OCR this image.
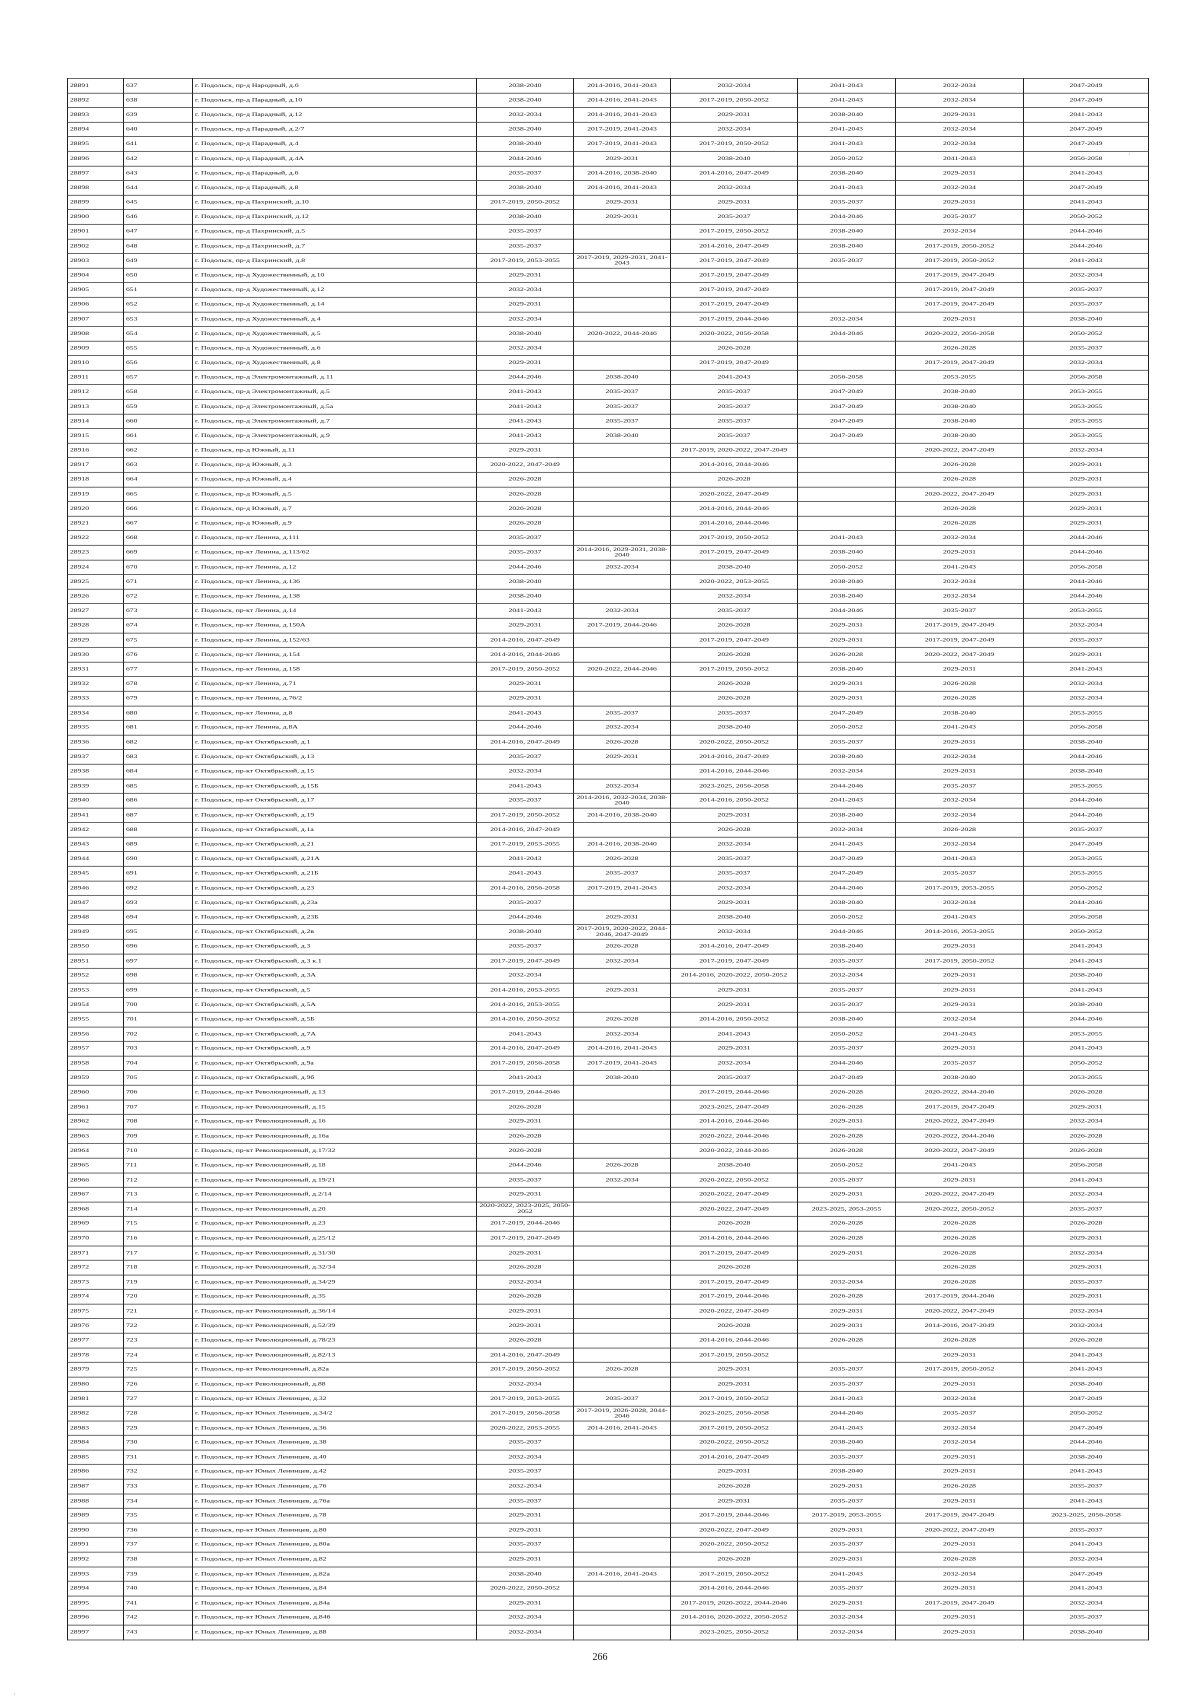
28891	637	г. Подольск, пр-д Народный, д.6	2038-2040	2014-2016, 2041-2043	2032-2034	2041-2043	2032-2034	2047-2049
28892	638	г. Подольск, пр-д Парадный, д.10	2038-2040	2014-2016, 2041-2043	2017-2019, 2050-2052	2041-2043	2032-2034	2047-2049
28893	639	г. Подольск, пр-д Парадный, д.12	2032-2034	2014-2016, 2041-2043	2029-2031	2038-2040	2029-2031	2041-2043
28894	640	г. Подольск, пр-д Парадный, д.2/7	2038-2040	2017-2019, 2041-2043	2032-2034	2041-2043	2032-2034	2047-2049
28895	641	г. Подольск, пр-д Парадный, д.4	2038-2040	2017-2019, 2041-2043	2017-2019, 2050-2052	2041-2043	2032-2034	2047-2049
28896	642	г. Подольск, пр-д Парадный, д.4А	2044-2046	2029-2031	2038-2040	2050-2052	2041-2043	2056-2058
28897	643	г. Подольск, пр-д Парадный, д.6	2035-2037	2014-2016, 2038-2040	2014-2016, 2047-2049	2038-2040	2029-2031	2041-2043
28898	644	г. Подольск, пр-д Парадный, д.8	2038-2040	2014-2016, 2041-2043	2032-2034	2041-2043	2032-2034	2047-2049
28899	645	г. Подольск, пр-д Пахринский, д.10	2017-2019, 2050-2052	2029-2031	2029-2031	2035-2037	2029-2031	2041-2043
28900	646	г. Подольск, пр-д Пахринский, д.12	2038-2040	2029-2031	2035-2037	2044-2046	2035-2037	2050-2052
28901	647	г. Подольск, пр-д Пахринский, д.5	2035-2037		2017-2019, 2050-2052	2038-2040	2032-2034	2044-2046
28902	648	г. Подольск, пр-д Пахринский, д.7	2035-2037		2014-2016, 2047-2049	2038-2040	2017-2019, 2050-2052	2044-2046
28903	649	г. Подольск, пр-д Пахринский, д.8	2017-2019, 2053-2055	2017-2019, 2029-2031, 2041-2043	2017-2019, 2047-2049	2035-2037	2017-2019, 2050-2052	2041-2043
28904	650	г. Подольск, пр-д Художественный, д.10	2029-2031		2017-2019, 2047-2049		2017-2019, 2047-2049	2032-2034
28905	651	г. Подольск, пр-д Художественный, д.12	2032-2034		2017-2019, 2047-2049		2017-2019, 2047-2049	2035-2037
28906	652	г. Подольск, пр-д Художественный, д.14	2029-2031		2017-2019, 2047-2049		2017-2019, 2047-2049	2035-2037
28907	653	г. Подольск, пр-д Художественный, д.4	2032-2034		2017-2019, 2044-2046	2032-2034	2029-2031	2038-2040
28908	654	г. Подольск, пр-д Художественный, д.5	2038-2040	2020-2022, 2044-2046	2020-2022, 2056-2058	2044-2046	2020-2022, 2056-2058	2050-2052
28909	655	г. Подольск, пр-д Художественный, д.6	2032-2034		2026-2028		2026-2028	2035-2037
28910	656	г. Подольск, пр-д Художественный, д.8	2029-2031		2017-2019, 2047-2049		2017-2019, 2047-2049	2032-2034
28911	657	г. Подольск, пр-д Электромонтажный, д.11	2044-2046	2038-2040	2041-2043	2056-2058	2053-2055	2056-2058
28912	658	г. Подольск, пр-д Электромонтажный, д.5	2041-2043	2035-2037	2035-2037	2047-2049	2038-2040	2053-2055
28913	659	г. Подольск, пр-д Электромонтажный, д.5а	2041-2043	2035-2037	2035-2037	2047-2049	2038-2040	2053-2055
28914	660	г. Подольск, пр-д Электромонтажный, д.7	2041-2043	2035-2037	2035-2037	2047-2049	2038-2040	2053-2055
28915	661	г. Подольск, пр-д Электромонтажный, д.9	2041-2043	2038-2040	2035-2037	2047-2049	2038-2040	2053-2055
28916	662	г. Подольск, пр-д Южный, д.11	2029-2031		2017-2019, 2020-2022, 2047-2049		2020-2022, 2047-2049	2032-2034
28917	663	г. Подольск, пр-д Южный, д.3	2020-2022, 2047-2049		2014-2016, 2044-2046		2026-2028	2029-2031
28918	664	г. Подольск, пр-д Южный, д.4	2026-2028		2026-2028		2026-2028	2029-2031
28919	665	г. Подольск, пр-д Южный, д.5	2026-2028		2020-2022, 2047-2049		2020-2022, 2047-2049	2029-2031
28920	666	г. Подольск, пр-д Южный, д.7	2026-2028		2014-2016, 2044-2046		2026-2028	2029-2031
28921	667	г. Подольск, пр-д Южный, д.9	2026-2028		2014-2016, 2044-2046		2026-2028	2029-2031
28922	668	г. Подольск, пр-кт Ленина, д.111	2035-2037		2017-2019, 2050-2052	2041-2043	2032-2034	2044-2046
28923	669	г. Подольск, пр-кт Ленина, д.113/62	2035-2037	2014-2016, 2029-2031, 2038-2040	2017-2019, 2047-2049	2038-2040	2029-2031	2044-2046
28924	670	г. Подольск, пр-кт Ленина, д.12	2044-2046	2032-2034	2038-2040	2050-2052	2041-2043	2056-2058
28925	671	г. Подольск, пр-кт Ленина, д.136	2038-2040		2020-2022, 2053-2055	2038-2040	2032-2034	2044-2046
28926	672	г. Подольск, пр-кт Ленина, д.138	2038-2040		2032-2034	2038-2040	2032-2034	2044-2046
28927	673	г. Подольск, пр-кт Ленина, д.14	2041-2043	2032-2034	2035-2037	2044-2046	2035-2037	2053-2055
28928	674	г. Подольск, пр-кт Ленина, д.150А	2029-2031	2017-2019, 2044-2046	2026-2028	2029-2031	2017-2019, 2047-2049	2032-2034
28929	675	г. Подольск, пр-кт Ленина, д.152/63	2014-2016, 2047-2049		2017-2019, 2047-2049	2029-2031	2017-2019, 2047-2049	2035-2037
28930	676	г. Подольск, пр-кт Ленина, д.154	2014-2016, 2044-2046		2026-2028	2026-2028	2020-2022, 2047-2049	2029-2031
28931	677	г. Подольск, пр-кт Ленина, д.158	2017-2019, 2050-2052	2020-2022, 2044-2046	2017-2019, 2050-2052	2038-2040	2029-2031	2041-2043
28932	678	г. Подольск, пр-кт Ленина, д.71	2029-2031		2026-2028	2029-2031	2026-2028	2032-2034
28933	679	г. Подольск, пр-кт Ленина, д.76/2	2029-2031		2026-2028	2029-2031	2026-2028	2032-2034
28934	680	г. Подольск, пр-кт Ленина, д.8	2041-2043	2035-2037	2035-2037	2047-2049	2038-2040	2053-2055
28935	681	г. Подольск, пр-кт Ленина, д.8А	2044-2046	2032-2034	2038-2040	2050-2052	2041-2043	2056-2058
28936	682	г. Подольск, пр-кт Октябрьский, д.1	2014-2016, 2047-2049	2026-2028	2020-2022, 2050-2052	2035-2037	2029-2031	2038-2040
28937	683	г. Подольск, пр-кт Октябрьский, д.13	2035-2037	2029-2031	2014-2016, 2047-2049	2038-2040	2032-2034	2044-2046
28938	684	г. Подольск, пр-кт Октябрьский, д.15	2032-2034		2014-2016, 2044-2046	2032-2034	2029-2031	2038-2040
28939	685	г. Подольск, пр-кт Октябрьский, д.15Б	2041-2043	2032-2034	2023-2025, 2056-2058	2044-2046	2035-2037	2053-2055
28940	686	г. Подольск, пр-кт Октябрьский, д.17	2035-2037	2014-2016, 2032-2034, 2038-2040	2014-2016, 2050-2052	2041-2043	2032-2034	2044-2046
28941	687	г. Подольск, пр-кт Октябрьский, д.19	2017-2019, 2050-2052	2014-2016, 2038-2040	2029-2031	2038-2040	2032-2034	2044-2046
28942	688	г. Подольск, пр-кт Октябрьский, д.1а	2014-2016, 2047-2049		2026-2028	2032-2034	2026-2028	2035-2037
28943	689	г. Подольск, пр-кт Октябрьский, д.21	2017-2019, 2053-2055	2014-2016, 2038-2040	2032-2034	2041-2043	2032-2034	2047-2049
28944	690	г. Подольск, пр-кт Октябрьский, д.21А	2041-2043	2026-2028	2035-2037	2047-2049	2041-2043	2053-2055
28945	691	г. Подольск, пр-кт Октябрьский, д.21Б	2041-2043	2035-2037	2035-2037	2047-2049	2035-2037	2053-2055
28946	692	г. Подольск, пр-кт Октябрьский, д.23	2014-2016, 2056-2058	2017-2019, 2041-2043	2032-2034	2044-2046	2017-2019, 2053-2055	2050-2052
28947	693	г. Подольск, пр-кт Октябрьский, д.23а	2035-2037		2029-2031	2038-2040	2032-2034	2044-2046
28948	694	г. Подольск, пр-кт Октябрьский, д.23Б	2044-2046	2029-2031	2038-2040	2050-2052	2041-2043	2056-2058
28949	695	г. Подольск, пр-кт Октябрьский, д.2в	2038-2040	2017-2019, 2020-2022, 2044-2046, 2047-2049	2032-2034	2044-2046	2014-2016, 2053-2055	2050-2052
28950	696	г. Подольск, пр-кт Октябрьский, д.3	2035-2037	2026-2028	2014-2016, 2047-2049	2038-2040	2029-2031	2041-2043
28951	697	г. Подольск, пр-кт Октябрьский, д.3 к.1	2017-2019, 2047-2049	2032-2034	2017-2019, 2047-2049	2035-2037	2017-2019, 2050-2052	2041-2043
28952	698	г. Подольск, пр-кт Октябрьский, д.3А	2032-2034		2014-2016, 2020-2022, 2050-2052	2032-2034	2029-2031	2038-2040
28953	699	г. Подольск, пр-кт Октябрьский, д.5	2014-2016, 2053-2055	2029-2031	2029-2031	2035-2037	2029-2031	2041-2043
28954	700	г. Подольск, пр-кт Октябрьский, д.5А	2014-2016, 2053-2055		2029-2031	2035-2037	2029-2031	2038-2040
28955	701	г. Подольск, пр-кт Октябрьский, д.5Б	2014-2016, 2050-2052	2026-2028	2014-2016, 2050-2052	2038-2040	2032-2034	2044-2046
28956	702	г. Подольск, пр-кт Октябрьский, д.7А	2041-2043	2032-2034	2041-2043	2050-2052	2041-2043	2053-2055
28957	703	г. Подольск, пр-кт Октябрьский, д.9	2014-2016, 2047-2049	2014-2016, 2041-2043	2029-2031	2035-2037	2029-2031	2041-2043
28958	704	г. Подольск, пр-кт Октябрьский, д.9а	2017-2019, 2056-2058	2017-2019, 2041-2043	2032-2034	2044-2046	2035-2037	2050-2052
28959	705	г. Подольск, пр-кт Октябрьский, д.9б	2041-2043	2038-2040	2035-2037	2047-2049	2038-2040	2053-2055
28960	706	г. Подольск, пр-кт Революционный, д.13	2017-2019, 2044-2046		2017-2019, 2044-2046	2026-2028	2020-2022, 2044-2046	2026-2028
28961	707	г. Подольск, пр-кт Революционный, д.15	2026-2028		2023-2025, 2047-2049	2026-2028	2017-2019, 2047-2049	2029-2031
28962	708	г. Подольск, пр-кт Революционный, д.16	2029-2031		2014-2016, 2044-2046	2029-2031	2020-2022, 2047-2049	2032-2034
28963	709	г. Подольск, пр-кт Революционный, д.16а	2026-2028		2020-2022, 2044-2046	2026-2028	2020-2022, 2044-2046	2026-2028
28964	710	г. Подольск, пр-кт Революционный, д.17/32	2026-2028		2020-2022, 2044-2046	2026-2028	2020-2022, 2047-2049	2026-2028
28965	711	г. Подольск, пр-кт Революционный, д.18	2044-2046	2026-2028	2038-2040	2050-2052	2041-2043	2056-2058
28966	712	г. Подольск, пр-кт Революционный, д.19/21	2035-2037	2032-2034	2020-2022, 2050-2052	2035-2037	2029-2031	2041-2043
28967	713	г. Подольск, пр-кт Революционный, д.2/14	2029-2031		2020-2022, 2047-2049	2029-2031	2020-2022, 2047-2049	2032-2034
28968	714	г. Подольск, пр-кт Революционный, д.20	2020-2022, 2023-2025, 2050-2052		2020-2022, 2047-2049	2023-2025, 2053-2055	2020-2022, 2050-2052	2035-2037
28969	715	г. Подольск, пр-кт Революционный, д.23	2017-2019, 2044-2046		2026-2028	2026-2028	2026-2028	2026-2028
28970	716	г. Подольск, пр-кт Революционный, д.25/12	2017-2019, 2047-2049		2014-2016, 2044-2046	2026-2028	2026-2028	2029-2031
28971	717	г. Подольск, пр-кт Революционный, д.31/30	2029-2031		2017-2019, 2047-2049	2029-2031	2026-2028	2032-2034
28972	718	г. Подольск, пр-кт Революционный, д.32/34	2026-2028		2026-2028		2026-2028	2029-2031
28973	719	г. Подольск, пр-кт Революционный, д.34/29	2032-2034		2017-2019, 2047-2049	2032-2034	2026-2028	2035-2037
28974	720	г. Подольск, пр-кт Революционный, д.35	2026-2028		2017-2019, 2044-2046	2026-2028	2017-2019, 2044-2046	2029-2031
28975	721	г. Подольск, пр-кт Революционный, д.36/14	2029-2031		2020-2022, 2047-2049	2029-2031	2020-2022, 2047-2049	2032-2034
28976	722	г. Подольск, пр-кт Революционный, д.52/39	2029-2031		2026-2028	2029-2031	2014-2016, 2047-2049	2032-2034
28977	723	г. Подольск, пр-кт Революционный, д.78/23	2026-2028		2014-2016, 2044-2046	2026-2028	2026-2028	2026-2028
28978	724	г. Подольск, пр-кт Революционный, д.82/13	2014-2016, 2047-2049		2017-2019, 2050-2052		2029-2031	2041-2043
28979	725	г. Подольск, пр-кт Революционный, д.82а	2017-2019, 2050-2052	2026-2028	2029-2031	2035-2037	2017-2019, 2050-2052	2041-2043
28980	726	г. Подольск, пр-кт Революционный, д.88	2032-2034		2029-2031	2035-2037	2029-2031	2038-2040
28981	727	г. Подольск, пр-кт Юных Ленинцев, д.32	2017-2019, 2053-2055	2035-2037	2017-2019, 2050-2052	2041-2043	2032-2034	2047-2049
28982	728	г. Подольск, пр-кт Юных Ленинцев, д.34/2	2017-2019, 2056-2058	2017-2019, 2026-2028, 2044-2046	2023-2025, 2056-2058	2044-2046	2035-2037	2050-2052
28983	729	г. Подольск, пр-кт Юных Ленинцев, д.36	2020-2022, 2053-2055	2014-2016, 2041-2043	2017-2019, 2050-2052	2041-2043	2032-2034	2047-2049
28984	730	г. Подольск, пр-кт Юных Ленинцев, д.38	2035-2037		2020-2022, 2050-2052	2038-2040	2032-2034	2044-2046
28985	731	г. Подольск, пр-кт Юных Ленинцев, д.40	2032-2034		2014-2016, 2047-2049	2035-2037	2029-2031	2038-2040
28986	732	г. Подольск, пр-кт Юных Ленинцев, д.42	2035-2037		2029-2031	2038-2040	2029-2031	2041-2043
28987	733	г. Подольск, пр-кт Юных Ленинцев, д.76	2032-2034		2026-2028	2029-2031	2026-2028	2035-2037
28988	734	г. Подольск, пр-кт Юных Ленинцев, д.76а	2035-2037		2029-2031	2035-2037	2029-2031	2041-2043
28989	735	г. Подольск, пр-кт Юных Ленинцев, д.78	2029-2031		2017-2019, 2044-2046	2017-2019, 2053-2055	2017-2019, 2047-2049	2023-2025, 2056-2058
28990	736	г. Подольск, пр-кт Юных Ленинцев, д.80	2029-2031		2020-2022, 2047-2049	2029-2031	2020-2022, 2047-2049	2035-2037
28991	737	г. Подольск, пр-кт Юных Ленинцев, д.80а	2035-2037		2020-2022, 2050-2052	2035-2037	2029-2031	2041-2043
28992	738	г. Подольск, пр-кт Юных Ленинцев, д.82	2029-2031		2026-2028	2029-2031	2026-2028	2032-2034
28993	739	г. Подольск, пр-кт Юных Ленинцев, д.82а	2038-2040	2014-2016, 2041-2043	2017-2019, 2050-2052	2041-2043	2032-2034	2047-2049
28994	740	г. Подольск, пр-кт Юных Ленинцев, д.84	2020-2022, 2050-2052		2014-2016, 2044-2046	2035-2037	2029-2031	2041-2043
28995	741	г. Подольск, пр-кт Юных Ленинцев, д.84а	2029-2031		2017-2019, 2020-2022, 2044-2046	2029-2031	2017-2019, 2047-2049	2032-2034
28996	742	г. Подольск, пр-кт Юных Ленинцев, д.84б	2032-2034		2014-2016, 2020-2022, 2050-2052	2032-2034	2029-2031	2035-2037
28997	743	г. Подольск, пр-кт Юных Ленинцев, д.88	2032-2034		2023-2025, 2050-2052	2032-2034	2029-2031	2038-2040
266
·
·
